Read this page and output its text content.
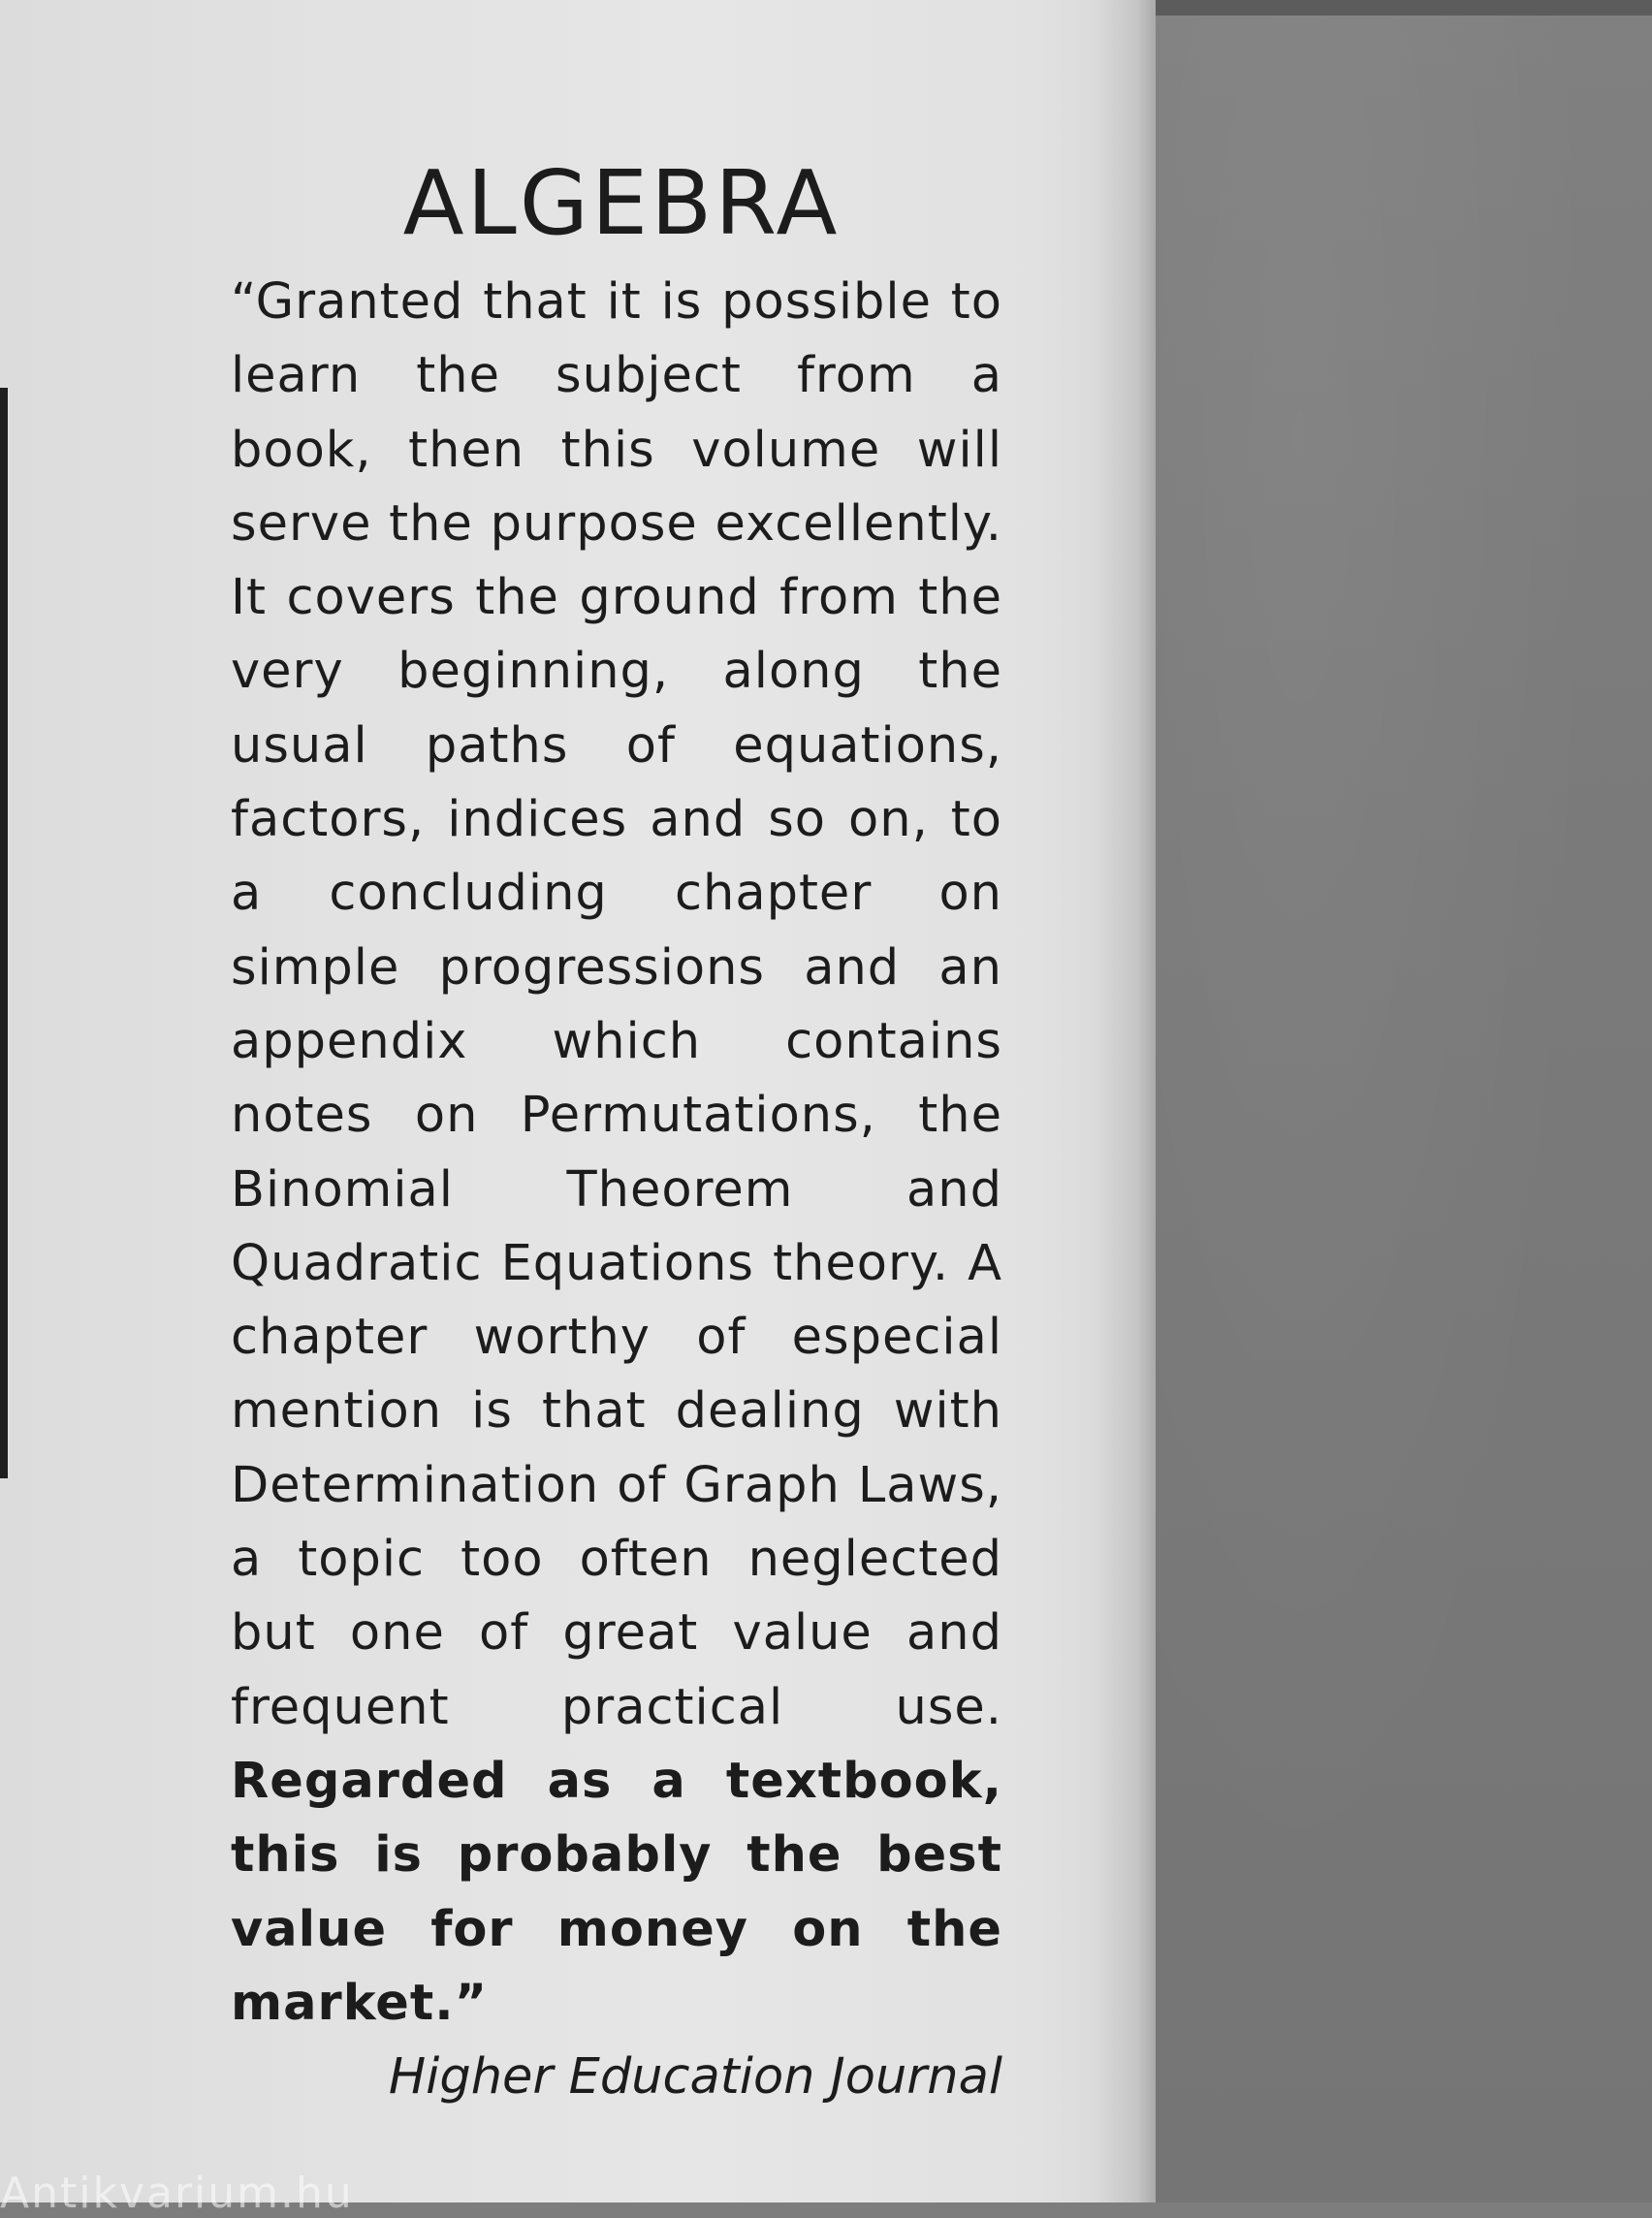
ALGEBRA
“Granted that it is possible to learn the subject from a book, then this volume will serve the purpose excellently. It covers the ground from the very beginning, along the usual paths of equations, factors, indices and so on, to a concluding chapter on simple progressions and an appendix which contains notes on Permutations, the Binomial Theorem and Quadratic Equations theory. A chapter worthy of especial mention is that dealing with Determination of Graph Laws, a topic too often neglected but one of great value and frequent practical use. Regarded as a textbook, this is probably the best value for money on the market.”
Higher Education Journal
Antikvarium.hu
